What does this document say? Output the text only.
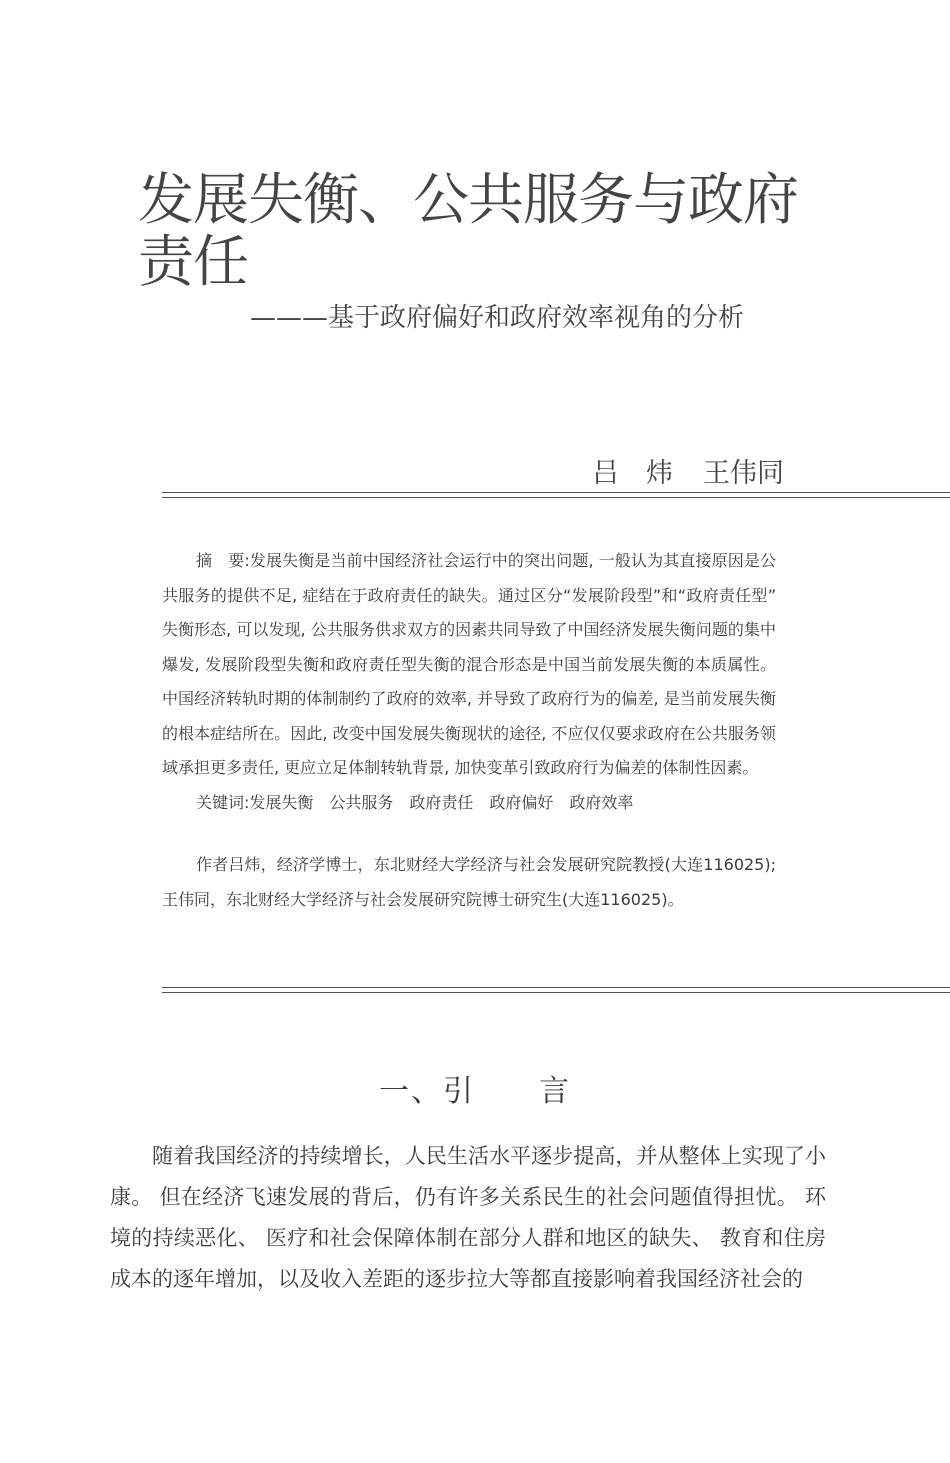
发展失衡、公共服务与政府责任
———基于政府偏好和政府效率视角的分析
吕　炜 王伟同

摘　要:发展失衡是当前中国经济社会运行中的突出问题, 一般认为其直接原因是公共服务的提供不足, 症结在于政府责任的缺失。通过区分“发展阶段型”和“政府责任型” 失衡形态, 可以发现, 公共服务供求双方的因素共同导致了中国经济发展失衡问题的集中爆发, 发展阶段型失衡和政府责任型失衡的混合形态是中国当前发展失衡的本质属性。中国经济转轨时期的体制制约了政府的效率, 并导致了政府行为的偏差, 是当前发展失衡的根本症结所在。因此, 改变中国发展失衡现状的途径, 不应仅仅要求政府在公共服务领域承担更多责任, 更应立足体制转轨背景, 加快变革引致政府行为偏差的体制性因素。

关键词:发展失衡　公共服务　政府责任　政府偏好　政府效率

作者吕炜，经济学博士，东北财经大学经济与社会发展研究院教授(大连116025);王伟同，东北财经大学经济与社会发展研究院博士研究生(大连116025)。

一、引　　言

随着我国经济的持续增长，人民生活水平逐步提高，并从整体上实现了小康。 但在经济飞速发展的背后，仍有许多关系民生的社会问题值得担忧。 环境的持续恶化、 医疗和社会保障体制在部分人群和地区的缺失、 教育和住房成本的逐年增加，以及收入差距的逐步拉大等都直接影响着我国经济社会的
